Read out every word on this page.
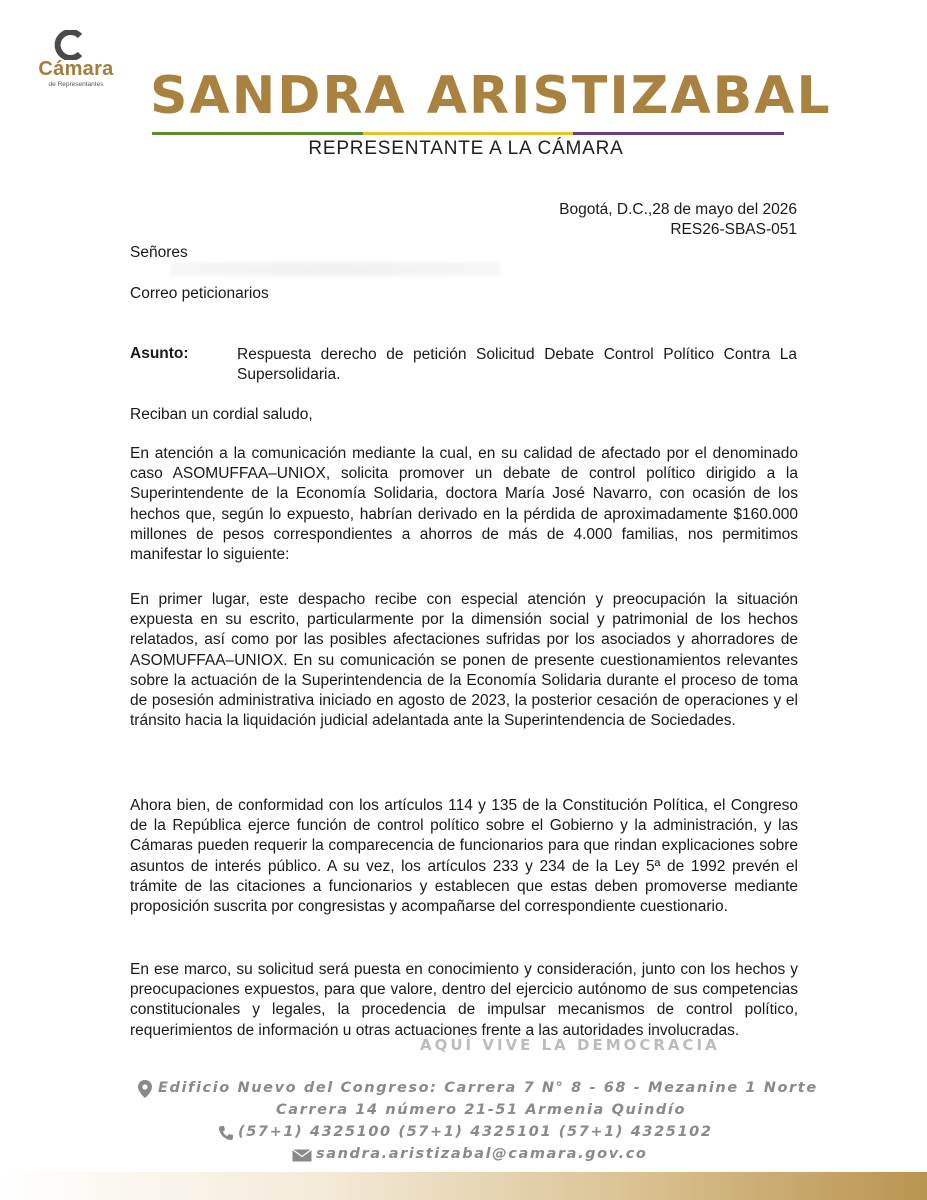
Cámara
de Representantes SANDRA ARISTIZABAL
REPRESENTANTE A LA CÁMARA
Bogotá, D.C.,28 de mayo del 2026
RES26-SBAS-051
Señores
Correo peticionarios
Asunto:	Respuesta derecho de petición Solicitud Debate Control Político Contra La Supersolidaria.
Reciban un cordial saludo,
En atención a la comunicación mediante la cual, en su calidad de afectado por el denominado caso ASOMUFFAA–UNIOX, solicita promover un debate de control político dirigido a la Superintendente de la Economía Solidaria, doctora María José Navarro, con ocasión de los hechos que, según lo expuesto, habrían derivado en la pérdida de aproximadamente $160.000 millones de pesos correspondientes a ahorros de más de 4.000 familias, nos permitimos manifestar lo siguiente:
En primer lugar, este despacho recibe con especial atención y preocupación la situación expuesta en su escrito, particularmente por la dimensión social y patrimonial de los hechos relatados, así como por las posibles afectaciones sufridas por los asociados y ahorradores de ASOMUFFAA–UNIOX. En su comunicación se ponen de presente cuestionamientos relevantes sobre la actuación de la Superintendencia de la Economía Solidaria durante el proceso de toma de posesión administrativa iniciado en agosto de 2023, la posterior cesación de operaciones y el tránsito hacia la liquidación judicial adelantada ante la Superintendencia de Sociedades.
Ahora bien, de conformidad con los artículos 114 y 135 de la Constitución Política, el Congreso de la República ejerce función de control político sobre el Gobierno y la administración, y las Cámaras pueden requerir la comparecencia de funcionarios para que rindan explicaciones sobre asuntos de interés público. A su vez, los artículos 233 y 234 de la Ley 5ª de 1992 prevén el trámite de las citaciones a funcionarios y establecen que estas deben promoverse mediante proposición suscrita por congresistas y acompañarse del correspondiente cuestionario.
En ese marco, su solicitud será puesta en conocimiento y consideración, junto con los hechos y preocupaciones expuestos, para que valore, dentro del ejercicio autónomo de sus competencias constitucionales y legales, la procedencia de impulsar mecanismos de control político, requerimientos de información u otras actuaciones frente a las autoridades involucradas.
AQUÍ VIVE LA DEMOCRACIA
Edificio Nuevo del Congreso: Carrera 7 N° 8 - 68 - Mezanine 1 Norte
Carrera 14 número 21-51 Armenia Quindío
(57+1) 4325100 (57+1) 4325101 (57+1) 4325102
sandra.aristizabal@camara.gov.co
